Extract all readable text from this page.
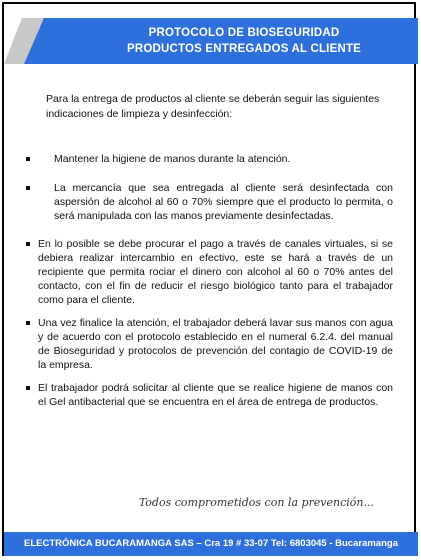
PROTOCOLO DE BIOSEGURIDAD
PRODUCTOS ENTREGADOS AL CLIENTE
Para la entrega de productos al cliente se deberán seguir las siguientes indicaciones de limpieza y desinfección:
Mantener la higiene de manos durante la atención.
La mercancía que sea entregada al cliente será desinfectada con aspersión de alcohol al 60 o 70% siempre que el producto lo permita, o será manipulada con las manos previamente desinfectadas.
En lo posible se debe procurar el pago a través de canales virtuales, si se debiera realizar intercambio en efectivo, este se hará a través de un recipiente que permita rociar el dinero con alcohol al 60 o 70% antes del contacto, con el fin de reducir el riesgo biológico tanto para el trabajador como para el cliente.
Una vez finalice la atención, el trabajador deberá lavar sus manos con agua y de acuerdo con el protocolo establecido en el numeral 6.2.4. del manual de Bioseguridad y protocolos de prevención del contagio de COVID-19 de la empresa.
El trabajador podrá solicitar al cliente que se realice higiene de manos con el Gel antibacterial que se encuentra en el área de entrega de productos.
Todos comprometidos con la prevención...
ELECTRÓNICA BUCARAMANGA SAS – Cra 19 # 33-07 Tel: 6803045 - Bucaramanga
